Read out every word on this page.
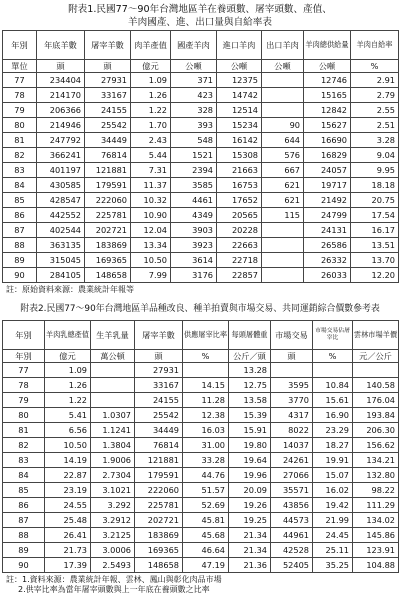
附表1.民國77～90年台灣地區羊在養頭數、屠宰頭數、產值、
羊肉國產、進、出口量與自給率表
年別	年底羊數	屠宰羊數	肉羊產值	國產羊肉	進口羊肉	出口羊肉	羊肉總供給量	羊肉自給率
單位	頭	頭	億元	公噸	公噸	公噸	公噸	%
77	234404	27931	1.09	371	12375		12746	2.91
78	214170	33167	1.26	423	14742		15165	2.79
79	206366	24155	1.22	328	12514		12842	2.55
80	214946	25542	1.70	393	15234	90	15627	2.51
81	247792	34449	2.43	548	16142	644	16690	3.28
82	366241	76814	5.44	1521	15308	576	16829	9.04
83	401197	121881	7.31	2394	21663	667	24057	9.95
84	430585	179591	11.37	3585	16753	621	19717	18.18
85	428547	222060	10.32	4461	17652	621	21492	20.75
86	442552	225781	10.90	4349	20565	115	24799	17.54
87	402544	202721	12.04	3903	20228		24131	16.17
88	363135	183869	13.34	3923	22663		26586	13.51
89	315045	169365	10.50	3614	22718		26332	13.70
90	284105	148658	7.99	3176	22857		26033	12.20
註：原始資料來源：農業統計年報等
附表2.民國77～90年台灣地區羊品種改良、種羊拍賣與市場交易、共同運銷綜合價數參考表
年別	羊肉乳總產值	生羊乳量	屠宰羊數	供應屠宰比率	每頭屠體重	市場交易	市場交易佔屠宰比	雲林市場羊價
年別	億元	萬公頓	頭	%	公斤／頭	頭	%	元／公斤
77	1.09		27931		13.28			
78	1.26		33167	14.15	12.75	3595	10.84	140.58
79	1.22		24155	11.28	13.58	3770	15.61	176.04
80	5.41	1.0307	25542	12.38	15.39	4317	16.90	193.84
81	6.56	1.1241	34449	16.03	15.91	8022	23.29	206.30
82	10.50	1.3804	76814	31.00	19.80	14037	18.27	156.62
83	14.19	1.9006	121881	33.28	19.64	24261	19.91	134.21
84	22.87	2.7304	179591	44.76	19.96	27066	15.07	132.80
85	23.19	3.1021	222060	51.57	20.09	35571	16.02	98.22
86	24.55	3.292	225781	52.69	19.26	43856	19.42	111.29
87	25.48	3.2912	202721	45.81	19.25	44573	21.99	134.02
88	26.41	3.2125	183869	45.68	21.34	44961	24.45	145.86
89	21.73	3.0006	169365	46.64	21.34	42528	25.11	123.91
90	17.39	2.5493	148658	47.19	21.36	52405	35.25	104.88
註：1.資料來源：農業統計年報、雲林、鳳山與彰化肉品市場
2.供宰比率為當年屠宰頭數與上一年底在養頭數之比率
